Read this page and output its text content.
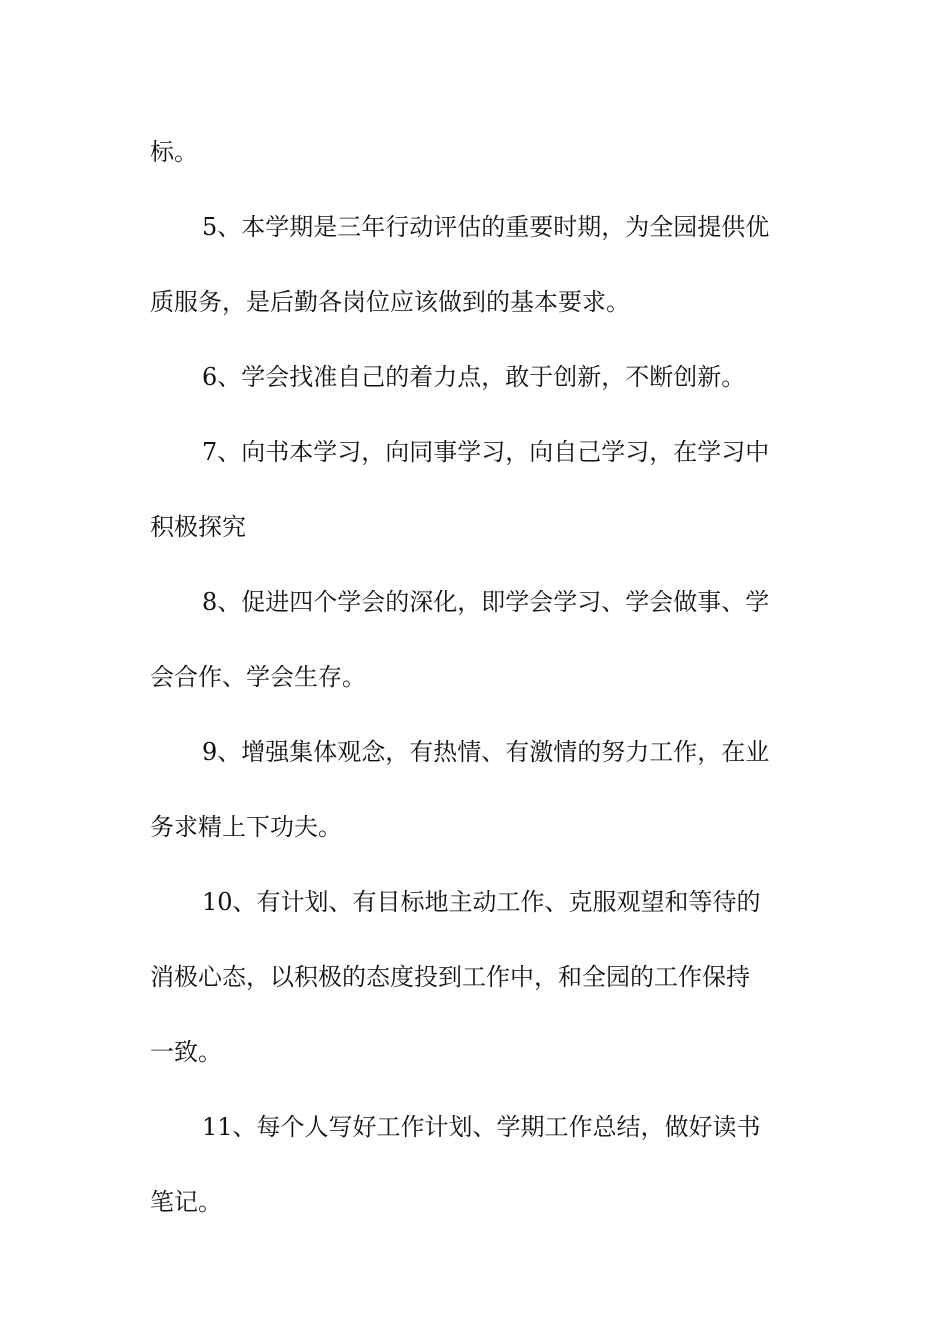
标。

5、本学期是三年行动评估的重要时期，为全园提供优

质服务，是后勤各岗位应该做到的基本要求。

6、学会找准自己的着力点，敢于创新，不断创新。

7、向书本学习，向同事学习，向自己学习，在学习中

积极探究

8、促进四个学会的深化，即学会学习、学会做事、学

会合作、学会生存。

9、增强集体观念，有热情、有激情的努力工作，在业

务求精上下功夫。

10、有计划、有目标地主动工作、克服观望和等待的

消极心态，以积极的态度投到工作中，和全园的工作保持

一致。

11、每个人写好工作计划、学期工作总结，做好读书

笔记。
